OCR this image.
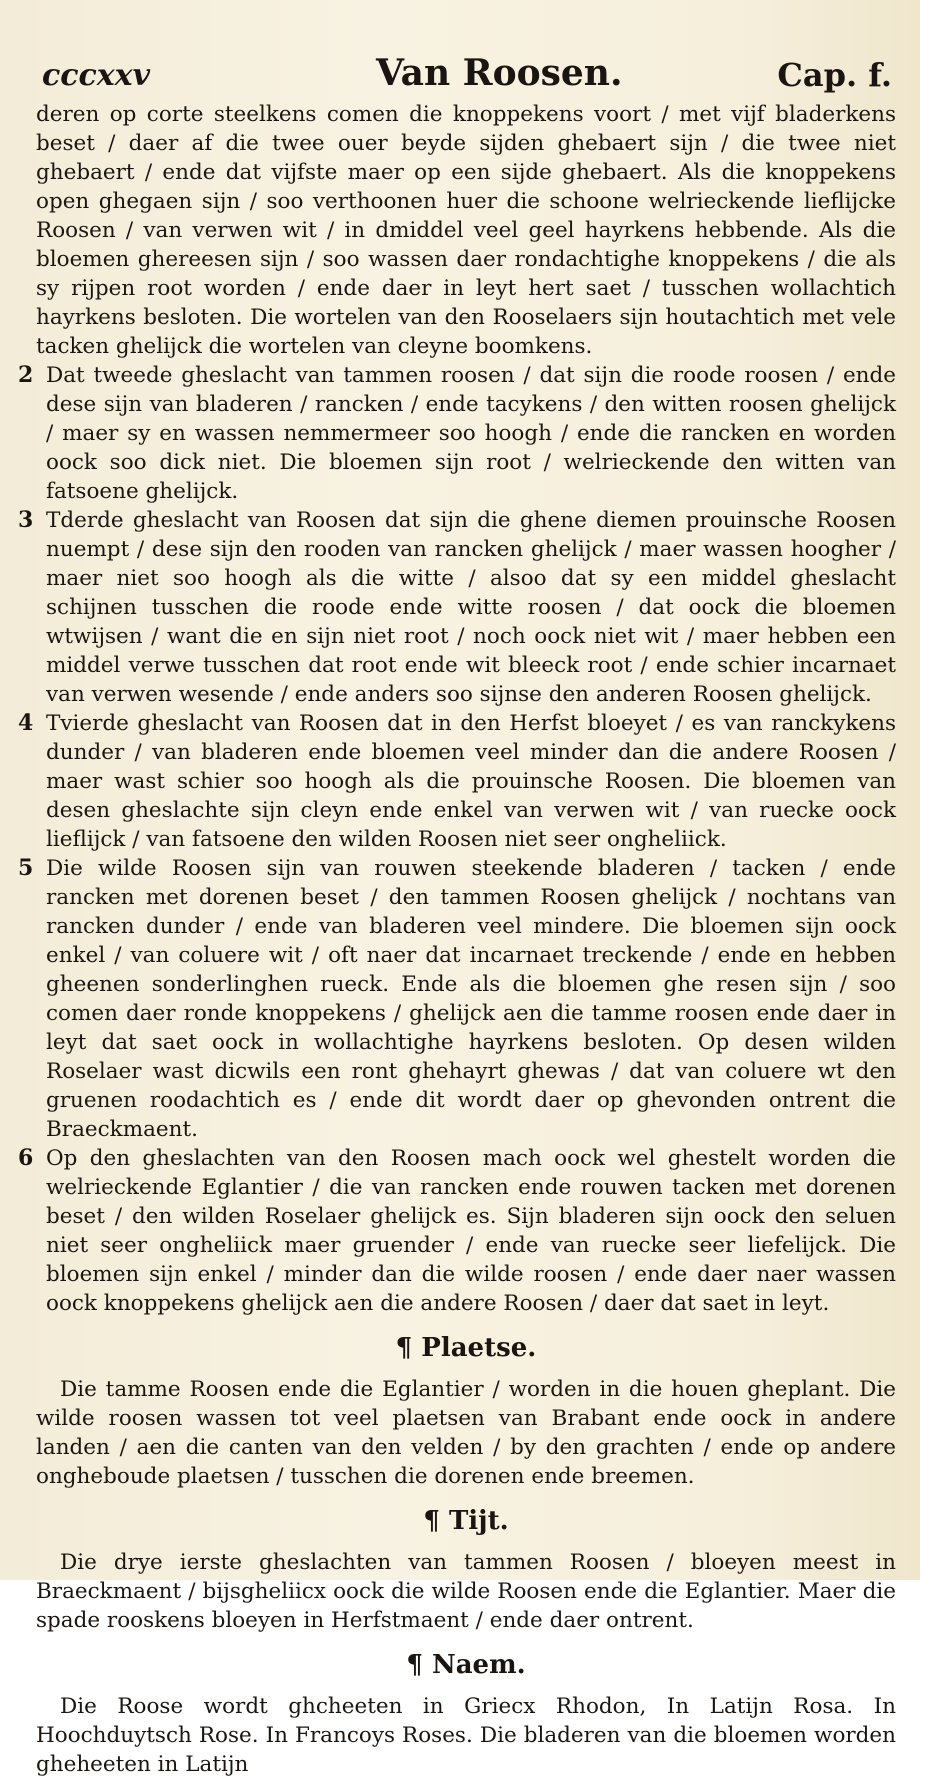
cccxxv	Van Roosen.	Cap. f.

deren op corte steelkens comen die knoppekens voort / met vijf bladerkens beset / daer af die twee ouer beyde sijden ghebaert sijn / die twee niet ghebaert / ende dat vijfste maer op een sijde ghebaert. Als die knoppekens open ghegaen sijn / soo verthoonen huer die schoone welrieckende lieflijcke Roosen / van verwen wit / in dmiddel veel geel hayrkens hebbende. Als die bloemen ghereesen sijn / soo wassen daer rondachtighe knoppekens / die als sy rijpen root worden / ende daer in leyt hert saet / tusschen wollachtich hayrkens besloten. Die wortelen van den Rooselaers sijn houtachtich met vele tacken ghelijck die wortelen van cleyne boomkens.

2 Dat tweede gheslacht van tammen roosen / dat sijn die roode roosen / ende dese sijn van bladeren / rancken / ende tacykens / den witten roosen ghelijck / maer sy en wassen nemmermeer soo hoogh / ende die rancken en worden oock soo dick niet. Die bloemen sijn root / welrieckende den witten van fatsoene ghelijck.
3 Tderde gheslacht van Roosen dat sijn die ghene diemen prouinsche Roosen nuempt / dese sijn den rooden van rancken ghelijck / maer wassen hoogher / maer niet soo hoogh als die witte / alsoo dat sy een middel gheslacht schijnen tusschen die roode ende witte roosen / dat oock die bloemen wtwijsen / want die en sijn niet root / noch oock niet wit / maer hebben een middel verwe tusschen dat root ende wit bleeck root / ende schier incarnaet van verwen wesende / ende anders soo sijnse den anderen Roosen ghelijck.
4 Tvierde gheslacht van Roosen dat in den Herfst bloeyet / es van ranckykens dunder / van bladeren ende bloemen veel minder dan die andere Roosen / maer wast schier soo hoogh als die prouinsche Roosen. Die bloemen van desen gheslachte sijn cleyn ende enkel van verwen wit / van ruecke oock lieflijck / van fatsoene den wilden Roosen niet seer ongheliick.
5 Die wilde Roosen sijn van rouwen steekende bladeren / tacken / ende rancken met dorenen beset / den tammen Roosen ghelijck / nochtans van rancken dunder / ende van bladeren veel mindere. Die bloemen sijn oock enkel / van coluere wit / oft naer dat incarnaet treckende / ende en hebben gheenen sonderlinghen rueck. Ende als die bloemen ghe resen sijn / soo comen daer ronde knoppekens / ghelijck aen die tamme roosen ende daer in leyt dat saet oock in wollachtighe hayrkens besloten. Op desen wilden Roselaer wast dicwils een ront ghehayrt ghewas / dat van coluere wt den gruenen roodachtich es / ende dit wordt daer op ghevonden ontrent die Braeckmaent.
6 Op den gheslachten van den Roosen mach oock wel ghestelt worden die welrieckende Eglantier / die van rancken ende rouwen tacken met dorenen beset / den wilden Roselaer ghelijck es. Sijn bladeren sijn oock den seluen niet seer ongheliick maer gruender / ende van ruecke seer liefelijck. Die bloemen sijn enkel / minder dan die wilde roosen / ende daer naer wassen oock knoppekens ghelijck aen die andere Roosen / daer dat saet in leyt.
¶ Plaetse.

Die tamme Roosen ende die Eglantier / worden in die houen gheplant. Die wilde roosen wassen tot veel plaetsen van Brabant ende oock in andere landen / aen die canten van den velden / by den grachten / ende op andere ongheboude plaetsen / tusschen die dorenen ende breemen.

¶ Tijt.

Die drye ierste gheslachten van tammen Roosen / bloeyen meest in Braeckmaent / bijsgheliicx oock die wilde Roosen ende die Eglantier. Maer die spade rooskens bloeyen in Herfstmaent / ende daer ontrent.

¶ Naem.

Die Roose wordt ghcheeten in Griecx Rhodon, In Latijn Rosa. In Hoochduytsch Rose. In Francoys Roses. Die bladeren van die bloemen worden gheheeten in Latijn
